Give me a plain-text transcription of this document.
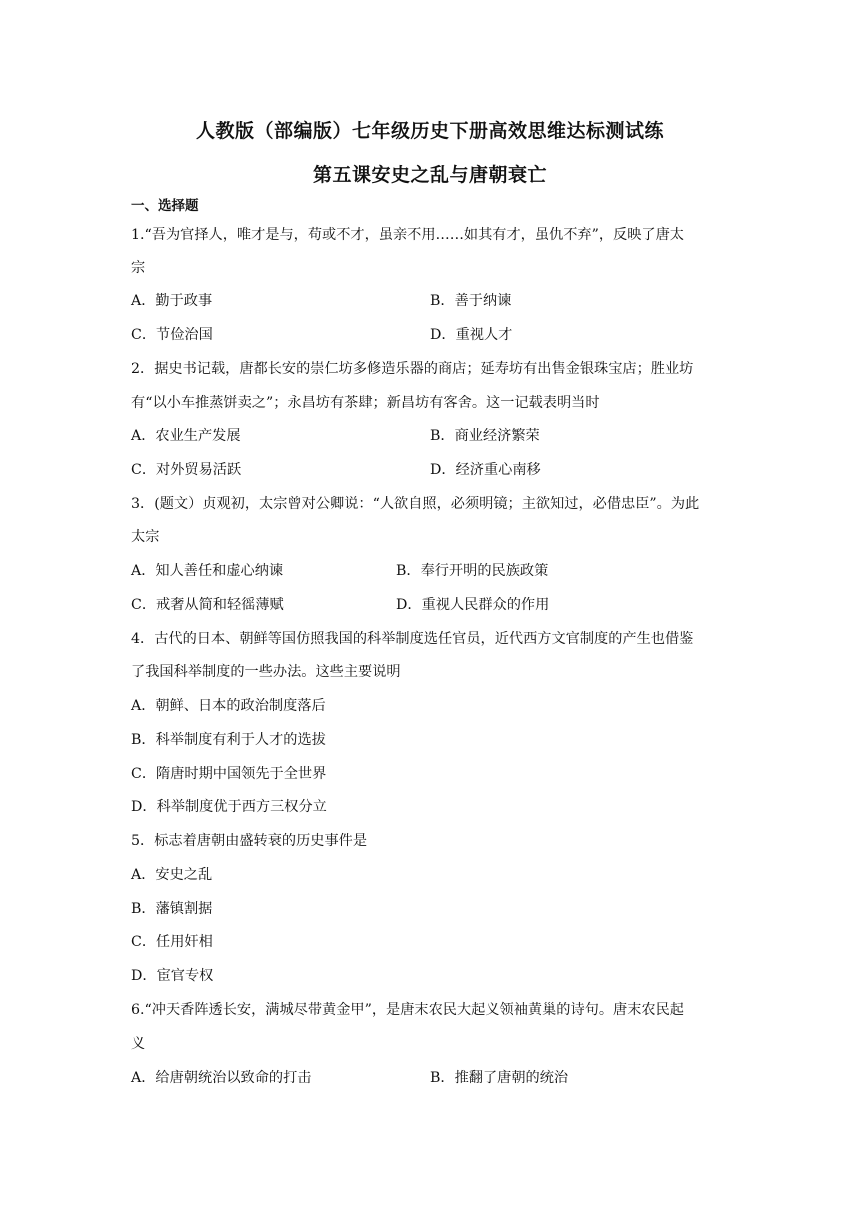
人教版（部编版）七年级历史下册高效思维达标测试练
第五课安史之乱与唐朝衰亡
一、选择题
1.“吾为官择人，唯才是与，苟或不才，虽亲不用……如其有才，虽仇不弃”，反映了唐太
宗
A．勤于政事	B．善于纳谏
C．节俭治国	D．重视人才
2．据史书记载，唐都长安的崇仁坊多修造乐器的商店；延寿坊有出售金银珠宝店；胜业坊
有“以小车推蒸饼卖之”；永昌坊有茶肆；新昌坊有客舍。这一记载表明当时
A．农业生产发展	B．商业经济繁荣
C．对外贸易活跃	D．经济重心南移
3．(题文）贞观初，太宗曾对公卿说：“人欲自照，必须明镜；主欲知过，必借忠臣”。为此
太宗
A．知人善任和虚心纳谏	B．奉行开明的民族政策
C．戒奢从简和轻徭薄赋	D．重视人民群众的作用
4．古代的日本、朝鲜等国仿照我国的科举制度选任官员，近代西方文官制度的产生也借鉴
了我国科举制度的一些办法。这些主要说明
A．朝鲜、日本的政治制度落后
B．科举制度有利于人才的选拔
C．隋唐时期中国领先于全世界
D．科举制度优于西方三权分立
5．标志着唐朝由盛转衰的历史事件是
A．安史之乱
B．藩镇割据
C．任用奸相
D．宦官专权
6.“冲天香阵透长安，满城尽带黄金甲”，是唐末农民大起义领袖黄巢的诗句。唐末农民起
义
A．给唐朝统治以致命的打击	B．推翻了唐朝的统治
